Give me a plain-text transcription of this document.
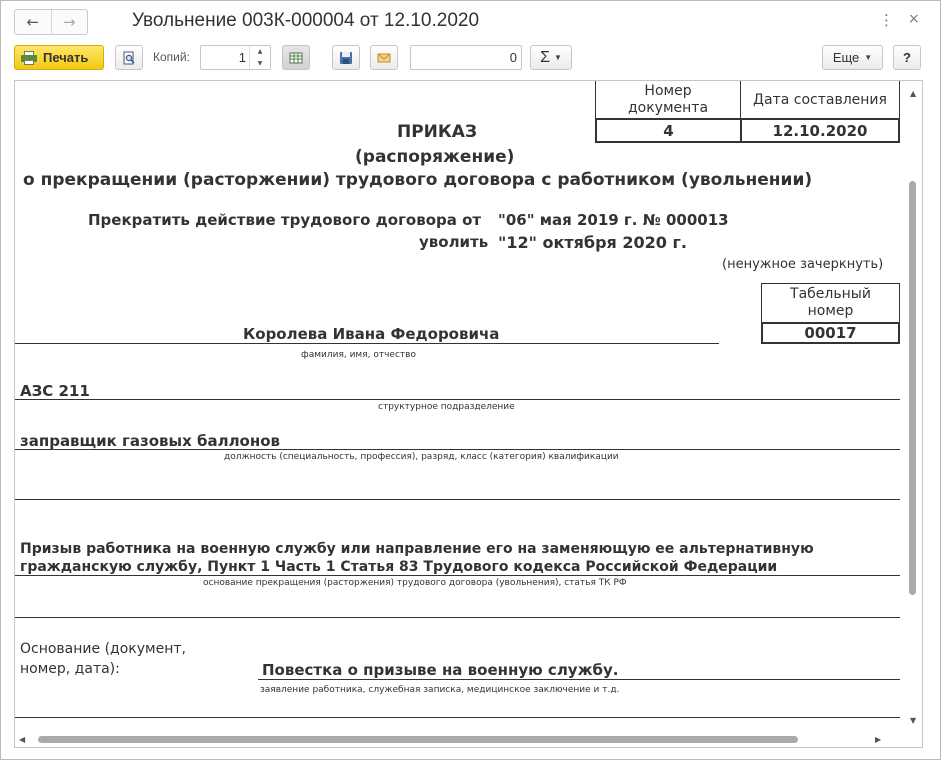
← →	Увольнение 003К-000004 от 12.10.2020	⋮ ×
Печать	Копий:	1	▲
▼	0	Σ ▼	Еще ▼ ?
Номер документа	Дата составления
4	12.10.2020
ПРИКАЗ
(распоряжение)
о прекращении (расторжении) трудового договора с работником (увольнении)
Прекратить действие трудового договора от "06" мая 2019 г. № 000013
уволить "12" октября 2020 г.
(ненужное зачеркнуть)
Табельный номер
00017
Королевa Ивана Федоровича
фамилия, имя, отчество
АЗС 211
структурное подразделение
заправщик газовых баллонов
должность (специальность, профессия), разряд, класс (категория) квалификации
Призыв работника на военную службу или направление его на заменяющую ее альтернативную
гражданскую службу, Пункт 1 Часть 1 Статья 83 Трудового кодекса Российской Федерации
основание прекращения (расторжения) трудового договора (увольнения), статья ТК РФ
Основание (документ,
номер, дата):	Повестка о призыве на военную службу.
заявление работника, служебная записка, медицинское заключение и т.д.
▲
▼
◀	▶
